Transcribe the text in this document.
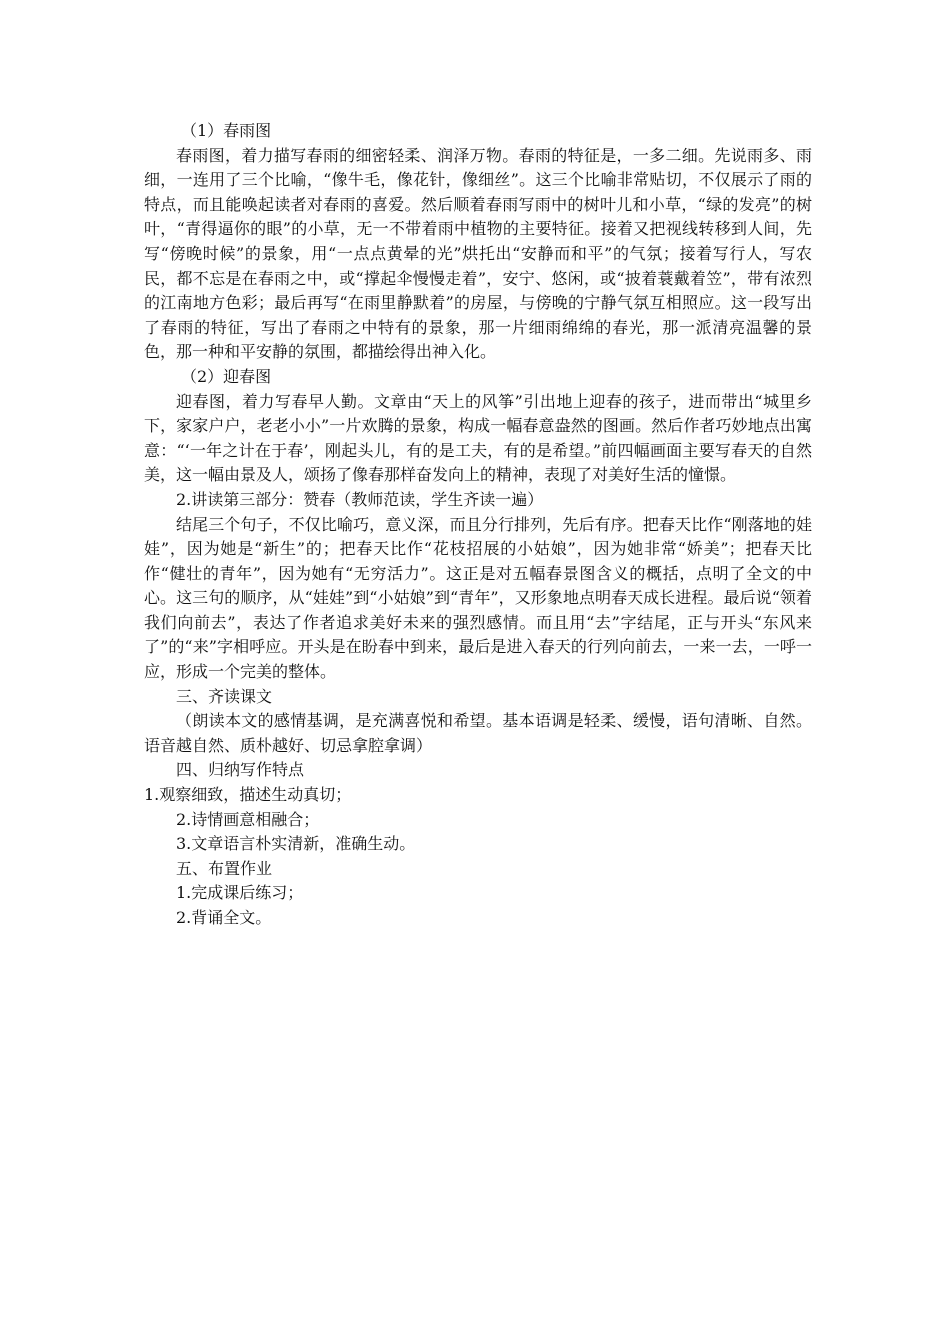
（1）春雨图

春雨图，着力描写春雨的细密轻柔、润泽万物。春雨的特征是，一多二细。先说雨多、雨细，一连用了三个比喻，“像牛毛，像花针，像细丝”。这三个比喻非常贴切，不仅展示了雨的特点，而且能唤起读者对春雨的喜爱。然后顺着春雨写雨中的树叶儿和小草，“绿的发亮”的树叶，“青得逼你的眼”的小草，无一不带着雨中植物的主要特征。接着又把视线转移到人间，先写“傍晚时候”的景象，用“一点点黄晕的光”烘托出“安静而和平”的气氛；接着写行人，写农民，都不忘是在春雨之中，或“撑起伞慢慢走着”，安宁、悠闲，或“披着蓑戴着笠”，带有浓烈的江南地方色彩；最后再写“在雨里静默着”的房屋，与傍晚的宁静气氛互相照应。这一段写出了春雨的特征，写出了春雨之中特有的景象，那一片细雨绵绵的春光，那一派清亮温馨的景色，那一种和平安静的氛围，都描绘得出神入化。

（2）迎春图

迎春图，着力写春早人勤。文章由“天上的风筝”引出地上迎春的孩子，进而带出“城里乡下，家家户户，老老小小”一片欢腾的景象，构成一幅春意盎然的图画。然后作者巧妙地点出寓意：“‘一年之计在于春’，刚起头儿，有的是工夫，有的是希望。”前四幅画面主要写春天的自然美，这一幅由景及人，颂扬了像春那样奋发向上的精神，表现了对美好生活的憧憬。

2.讲读第三部分：赞春（教师范读，学生齐读一遍）

结尾三个句子，不仅比喻巧，意义深，而且分行排列，先后有序。把春天比作“刚落地的娃娃”，因为她是“新生”的；把春天比作“花枝招展的小姑娘”，因为她非常“娇美”；把春天比作“健壮的青年”，因为她有“无穷活力”。这正是对五幅春景图含义的概括，点明了全文的中心。这三句的顺序，从“娃娃”到“小姑娘”到“青年”，又形象地点明春天成长进程。最后说“领着我们向前去”，表达了作者追求美好未来的强烈感情。而且用“去”字结尾，正与开头“东风来了”的“来”字相呼应。开头是在盼春中到来，最后是进入春天的行列向前去，一来一去，一呼一应，形成一个完美的整体。

三、齐读课文

（朗读本文的感情基调，是充满喜悦和希望。基本语调是轻柔、缓慢，语句清晰、自然。语音越自然、质朴越好、切忌拿腔拿调）

四、归纳写作特点

1.观察细致，描述生动真切；

2.诗情画意相融合；

3.文章语言朴实清新，准确生动。

五、布置作业

1.完成课后练习；

2.背诵全文。
